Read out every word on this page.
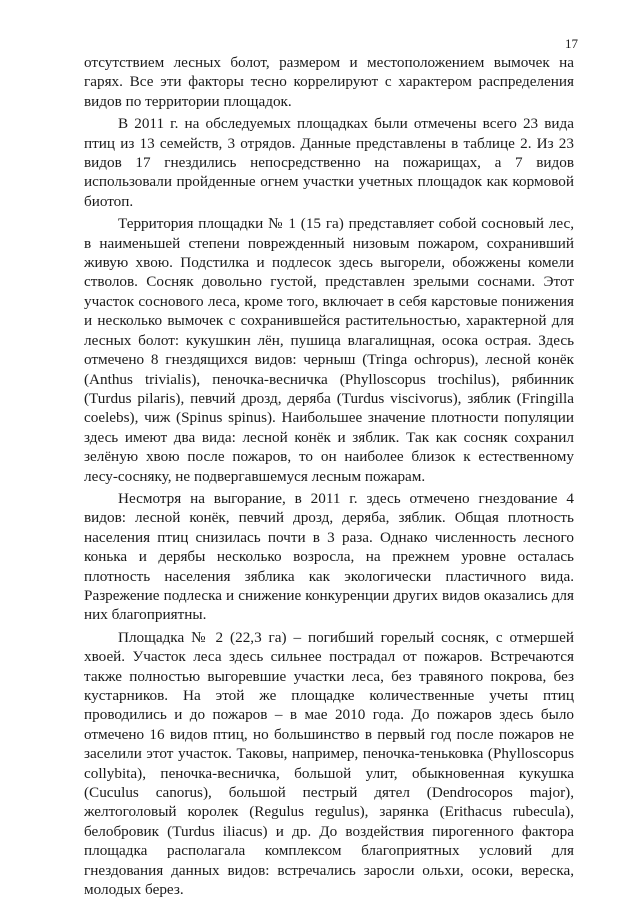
17

отсутствием лесных болот, размером и местоположением вымочек на гарях. Все эти факторы тесно коррелируют с характером распределения видов по территории площадок.

В 2011 г. на обследуемых площадках были отмечены всего 23 вида птиц из 13 семейств, 3 отрядов. Данные представлены в таблице 2. Из 23 видов 17 гнездились непосредственно на пожарищах, а 7 видов использовали пройденные огнем участки учетных площадок как кормовой биотоп.

Территория площадки № 1 (15 га) представляет собой сосновый лес, в наименьшей степени поврежденный низовым пожаром, сохранивший живую хвою. Подстилка и подлесок здесь выгорели, обожжены комели стволов. Сосняк довольно густой, представлен зрелыми соснами. Этот участок соснового леса, кроме того, включает в себя карстовые понижения и несколько вымочек с сохранившейся растительностью, характерной для лесных болот: кукушкин лён, пушица влагалищная, осока острая. Здесь отмечено 8 гнездящихся видов: черныш (Tringa ochropus), лесной конёк (Anthus trivialis), пеночка-весничка (Phylloscopus trochilus), рябинник (Turdus pilaris), певчий дрозд, деряба (Turdus viscivorus), зяблик (Fringilla coelebs), чиж (Spinus spinus). Наибольшее значение плотности популяции здесь имеют два вида: лесной конёк и зяблик. Так как сосняк сохранил зелёную хвою после пожаров, то он наиболее близок к естественному лесу-сосняку, не подвергавшемуся лесным пожарам.

Несмотря на выгорание, в 2011 г. здесь отмечено гнездование 4 видов: лесной конёк, певчий дрозд, деряба, зяблик. Общая плотность населения птиц снизилась почти в 3 раза. Однако численность лесного конька и дерябы несколько возросла, на прежнем уровне осталась плотность населения зяблика как экологически пластичного вида. Разрежение подлеска и снижение конкуренции других видов оказались для них благоприятны.

Площадка № 2 (22,3 га) – погибший горелый сосняк, с отмершей хвоей. Участок леса здесь сильнее пострадал от пожаров. Встречаются также полностью выгоревшие участки леса, без травяного покрова, без кустарников. На этой же площадке количественные учеты птиц проводились и до пожаров – в мае 2010 года. До пожаров здесь было отмечено 16 видов птиц, но большинство в первый год после пожаров не заселили этот участок. Таковы, например, пеночка-теньковка (Phylloscopus collybita), пеночка-весничка, большой улит, обыкновенная кукушка (Cuculus canorus), большой пестрый дятел (Dendrocopos major), желтоголовый королек (Regulus regulus), зарянка (Erithacus rubecula), белобровик (Turdus iliacus) и др. До воздействия пирогенного фактора площадка располагала комплексом благоприятных условий для гнездования данных видов: встречались заросли ольхи, осоки, вереска, молодых берез.
